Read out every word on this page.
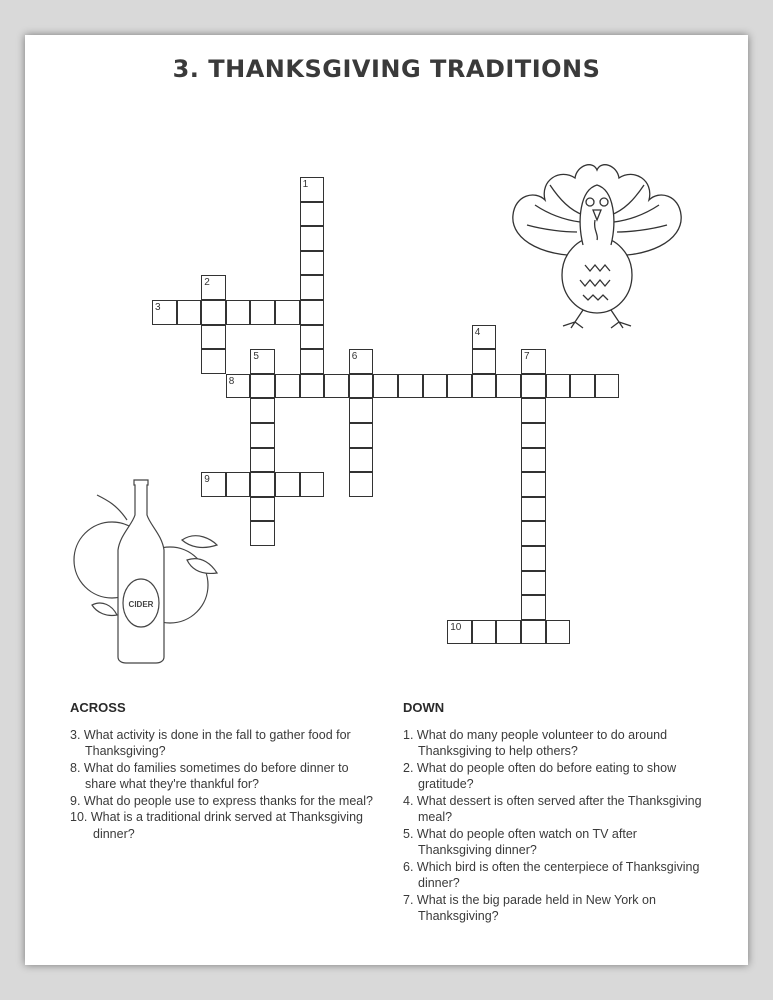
3. THANKSGIVING TRADITIONS
1
2
3
4
5	6	7
8
9
10
CIDER
ACROSS

3. What activity is done in the fall to gather food for Thanksgiving?

8. What do families sometimes do before dinner to share what they're thankful for?

9. What do people use to express thanks for the meal?

10. What is a traditional drink served at Thanksgiving dinner?

DOWN

1. What do many people volunteer to do around Thanksgiving to help others?

2. What do people often do before eating to show gratitude?

4. What dessert is often served after the Thanksgiving meal?

5. What do people often watch on TV after Thanksgiving dinner?

6. Which bird is often the centerpiece of Thanksgiving dinner?

7. What is the big parade held in New York on Thanksgiving?
